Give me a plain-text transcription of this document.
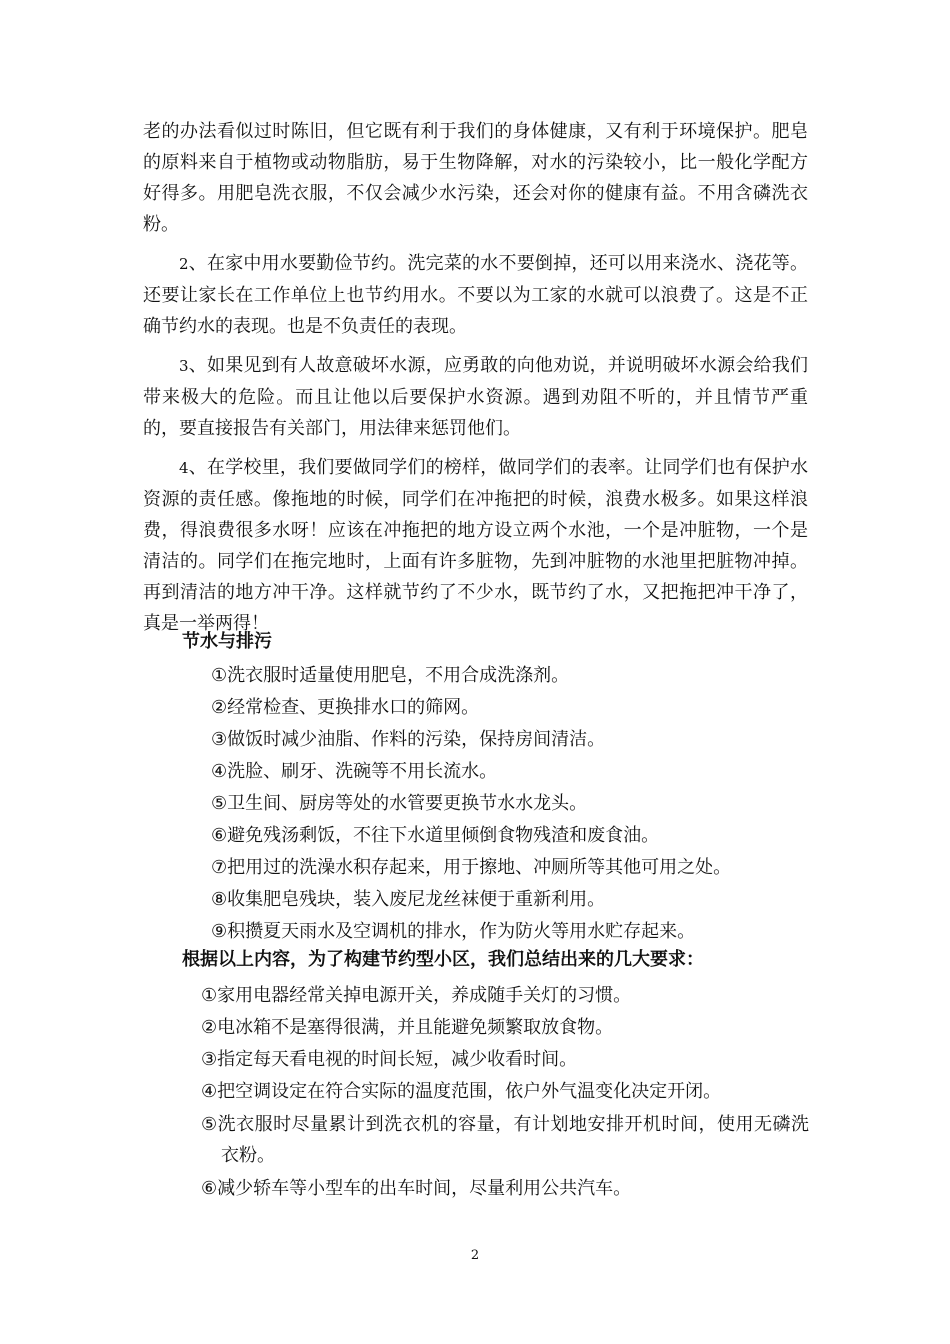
老的办法看似过时陈旧，但它既有利于我们的身体健康，又有利于环境保护。肥皂的原料来自于植物或动物脂肪，易于生物降解，对水的污染较小，比一般化学配方好得多。用肥皂洗衣服，不仅会减少水污染，还会对你的健康有益。不用含磷洗衣粉。

2、在家中用水要勤俭节约。洗完菜的水不要倒掉，还可以用来浇水、浇花等。还要让家长在工作单位上也节约用水。不要以为工家的水就可以浪费了。这是不正确节约水的表现。也是不负责任的表现。

3、如果见到有人故意破坏水源，应勇敢的向他劝说，并说明破坏水源会给我们带来极大的危险。而且让他以后要保护水资源。遇到劝阻不听的，并且情节严重的，要直接报告有关部门，用法律来惩罚他们。

4、在学校里，我们要做同学们的榜样，做同学们的表率。让同学们也有保护水资源的责任感。像拖地的时候，同学们在冲拖把的时候，浪费水极多。如果这样浪费，得浪费很多水呀！应该在冲拖把的地方设立两个水池，一个是冲脏物，一个是清洁的。同学们在拖完地时，上面有许多脏物，先到冲脏物的水池里把脏物冲掉。再到清洁的地方冲干净。这样就节约了不少水，既节约了水，又把拖把冲干净了，真是一举两得！

节水与排污
①洗衣服时适量使用肥皂，不用合成洗涤剂。
②经常检查、更换排水口的筛网。
③做饭时减少油脂、作料的污染，保持房间清洁。
④洗脸、刷牙、洗碗等不用长流水。
⑤卫生间、厨房等处的水管要更换节水水龙头。
⑥避免残汤剩饭，不往下水道里倾倒食物残渣和废食油。
⑦把用过的洗澡水积存起来，用于擦地、冲厕所等其他可用之处。
⑧收集肥皂残块，装入废尼龙丝袜便于重新利用。
⑨积攒夏天雨水及空调机的排水，作为防火等用水贮存起来。
根据以上内容，为了构建节约型小区，我们总结出来的几大要求：
①家用电器经常关掉电源开关，养成随手关灯的习惯。
②电冰箱不是塞得很满，并且能避免频繁取放食物。
③指定每天看电视的时间长短，减少收看时间。
④把空调设定在符合实际的温度范围，依户外气温变化决定开闭。
⑤洗衣服时尽量累计到洗衣机的容量，有计划地安排开机时间，使用无磷洗衣粉。
⑥减少轿车等小型车的出车时间，尽量利用公共汽车。
2
